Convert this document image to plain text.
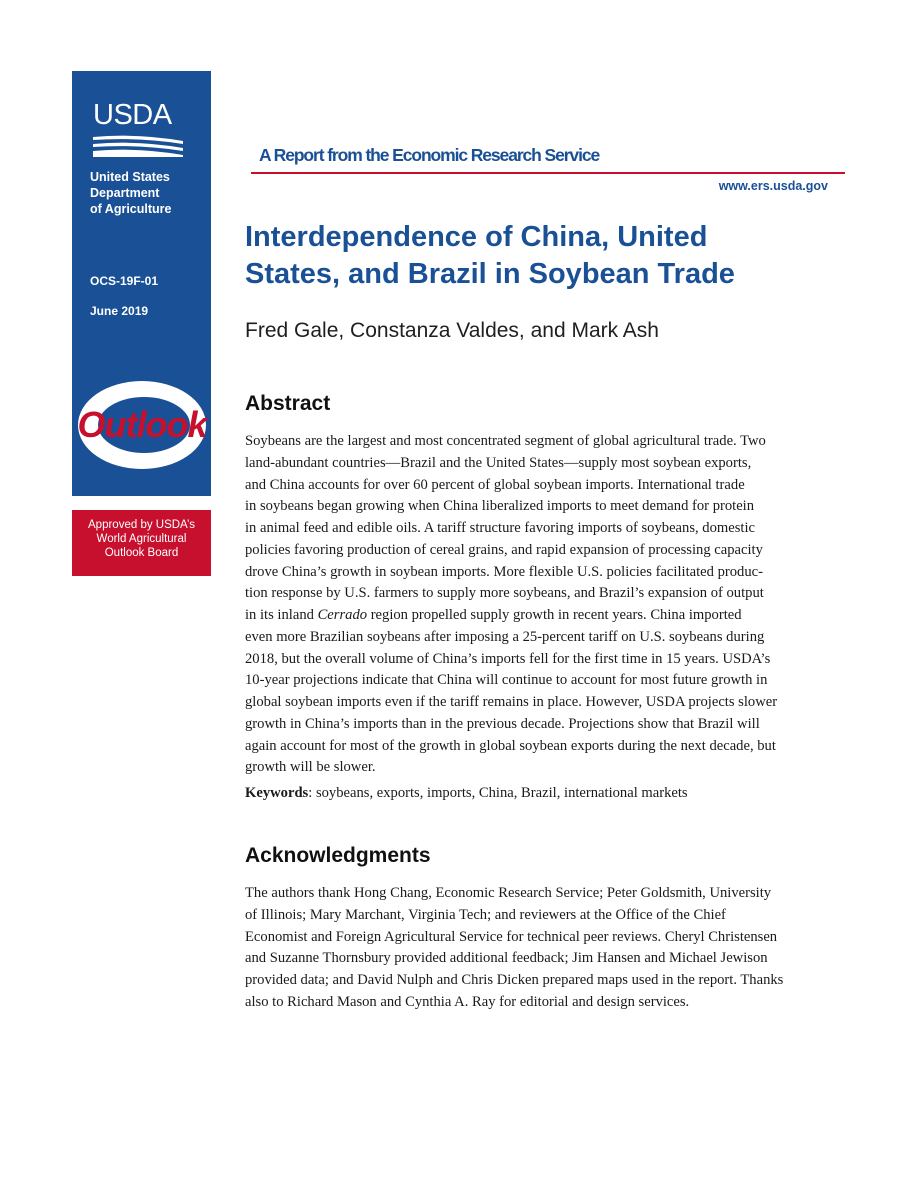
USDA
United States
Department
of Agriculture
OCS-19F-01
June 2019
Outlook
Approved by USDA’s
World Agricultural
Outlook Board
A Report from the Economic Research Service
www.ers.usda.gov
Interdependence of China, United
States, and Brazil in Soybean Trade
Fred Gale, Constanza Valdes, and Mark Ash
Abstract

Soybeans are the largest and most concentrated segment of global agricultural trade. Two
land-abundant countries—Brazil and the United States—supply most soybean exports,
and China accounts for over 60 percent of global soybean imports. International trade
in soybeans began growing when China liberalized imports to meet demand for protein
in animal feed and edible oils. A tariff structure favoring imports of soybeans, domestic
policies favoring production of cereal grains, and rapid expansion of processing capacity
drove China’s growth in soybean imports. More flexible U.S. policies facilitated produc-
tion response by U.S. farmers to supply more soybeans, and Brazil’s expansion of output
in its inland Cerrado region propelled supply growth in recent years. China imported
even more Brazilian soybeans after imposing a 25-percent tariff on U.S. soybeans during
2018, but the overall volume of China’s imports fell for the first time in 15 years. USDA’s
10-year projections indicate that China will continue to account for most future growth in
global soybean imports even if the tariff remains in place. However, USDA projects slower
growth in China’s imports than in the previous decade. Projections show that Brazil will
again account for most of the growth in global soybean exports during the next decade, but
growth will be slower.

Keywords: soybeans, exports, imports, China, Brazil, international markets

Acknowledgments

The authors thank Hong Chang, Economic Research Service; Peter Goldsmith, University
of Illinois; Mary Marchant, Virginia Tech; and reviewers at the Office of the Chief
Economist and Foreign Agricultural Service for technical peer reviews. Cheryl Christensen
and Suzanne Thornsbury provided additional feedback; Jim Hansen and Michael Jewison
provided data; and David Nulph and Chris Dicken prepared maps used in the report. Thanks
also to Richard Mason and Cynthia A. Ray for editorial and design services.
